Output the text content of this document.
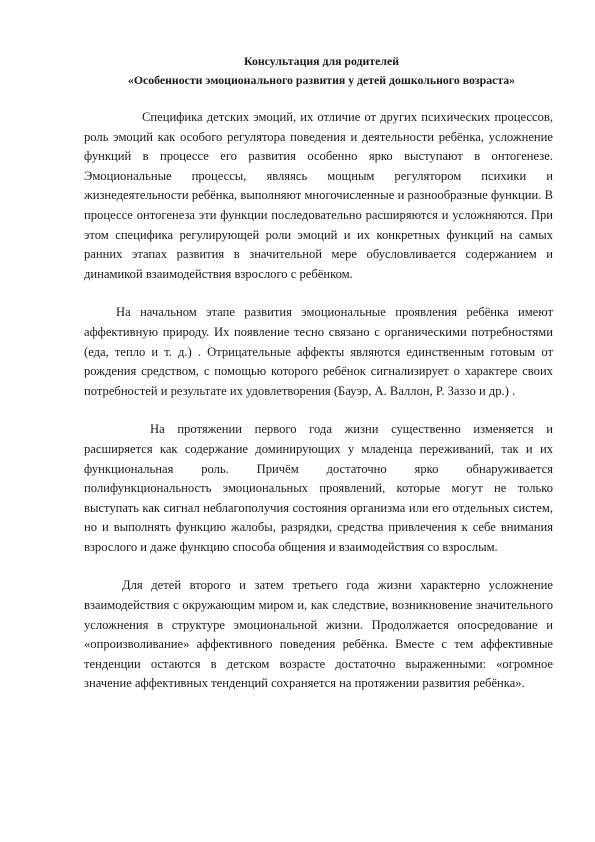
Консультация для родителей
«Особенности эмоционального развития у детей дошкольного возраста»

Специфика детских эмоций, их отличие от других психических процессов, роль эмоций как особого регулятора поведения и деятельности ребёнка, усложнение функций в процессе его развития особенно ярко выступают в онтогенезе. Эмоциональные процессы, являясь мощным регулятором психики и жизнедеятельности ребёнка, выполняют многочисленные и разнообразные функции. В процессе онтогенеза эти функции последовательно расширяются и усложняются. При этом специфика регулирующей роли эмоций и их конкретных функций на самых ранних этапах развития в значительной мере обусловливается содержанием и динамикой взаимодействия взрослого с ребёнком.

На начальном этапе развития эмоциональные проявления ребёнка имеют аффективную природу. Их появление тесно связано с органическими потребностями (еда, тепло и т. д.) . Отрицательные аффекты являются единственным готовым от рождения средством, с помощью которого ребёнок сигнализирует о характере своих потребностей и результате их удовлетворения (Бауэр, А. Валлон, Р. Заззо и др.) .

На протяжении первого года жизни существенно изменяется и расширяется как содержание доминирующих у младенца переживаний, так и их функциональная роль. Причём достаточно ярко обнаруживается полифункциональность эмоциональных проявлений, которые могут не только выступать как сигнал неблагополучия состояния организма или его отдельных систем, но и выполнять функцию жалобы, разрядки, средства привлечения к себе внимания взрослого и даже функцию способа общения и взаимодействия со взрослым.

Для детей второго и затем третьего года жизни характерно усложнение взаимодействия с окружающим миром и, как следствие, возникновение значительного усложнения в структуре эмоциональной жизни. Продолжается опосредование и «опроизволивание» аффективного поведения ребёнка. Вместе с тем аффективные тенденции остаются в детском возрасте достаточно выраженными: «огромное значение аффективных тенденций сохраняется на протяжении развития ребёнка».
